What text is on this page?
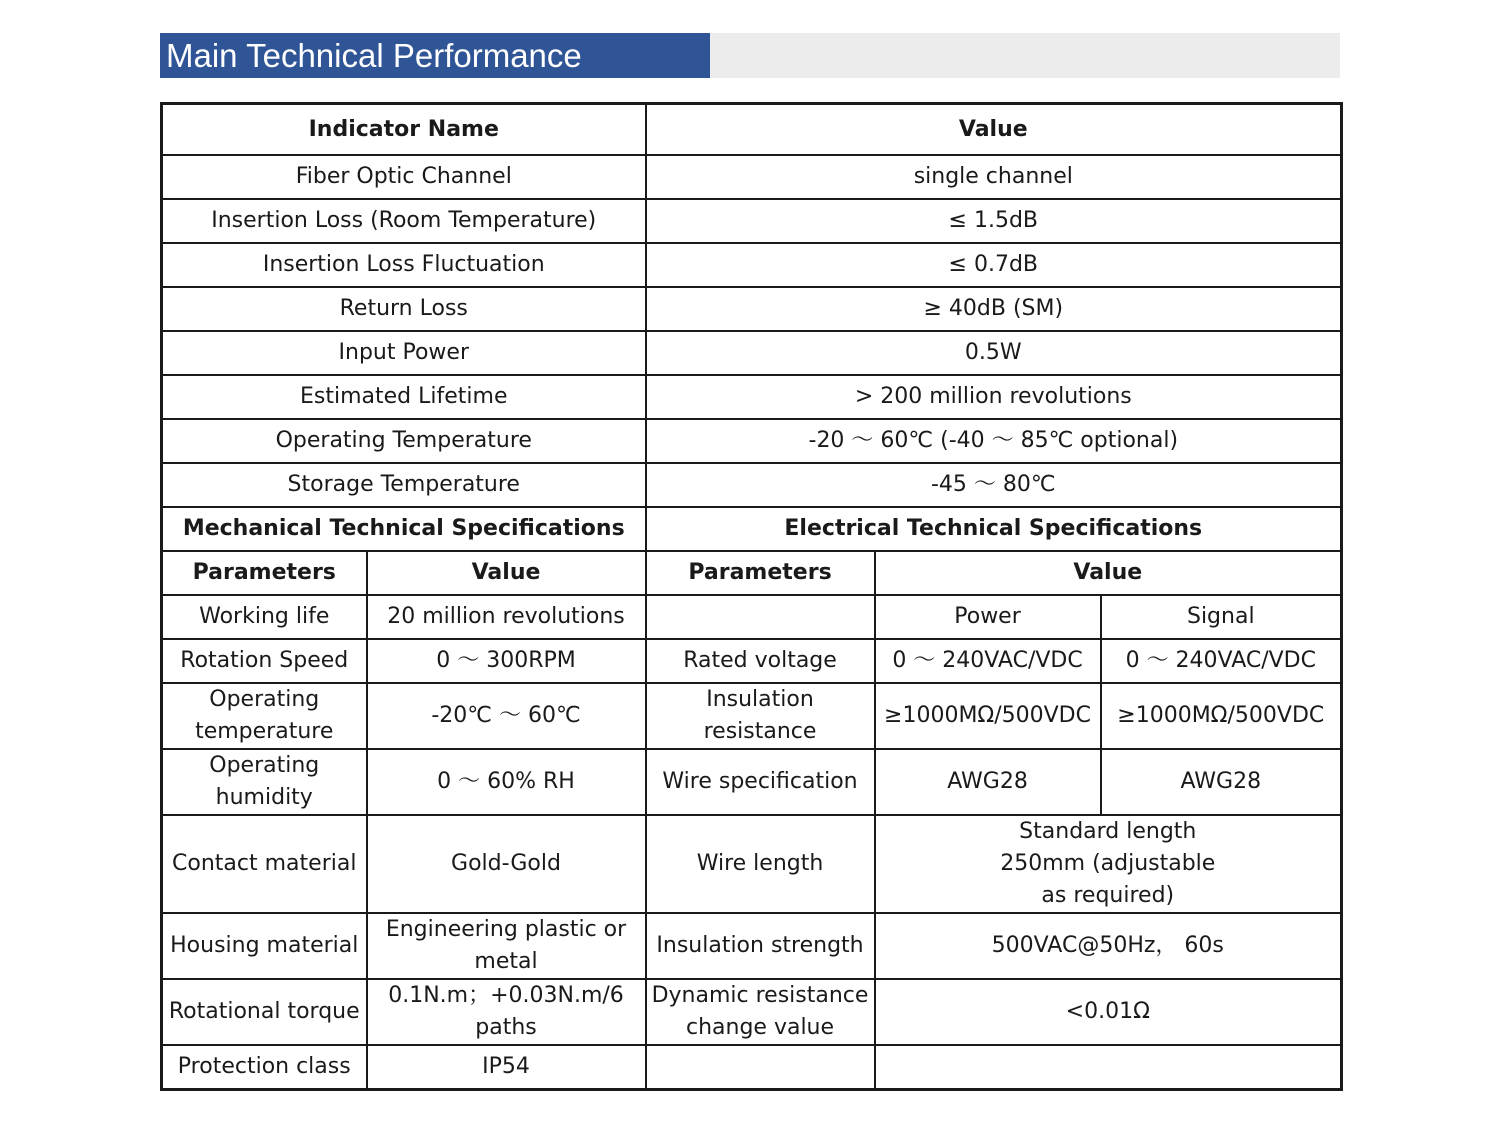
Main Technical Performance
Indicator Name		Value		
Fiber Optic Channel		single channel		
Insertion Loss (Room Temperature)		≤ 1.5dB		
Insertion Loss Fluctuation		≤ 0.7dB		
Return Loss		≥ 40dB (SM)		
Input Power		0.5W		
Estimated Lifetime		> 200 million revolutions		
Operating Temperature		-20 ～ 60℃ (-40 ～ 85℃ optional)		
Storage Temperature		-45 ～ 80℃		
Mechanical Technical Specifications		Electrical Technical Specifications		
Parameters	Value	Parameters	Value	
Working life	20 million revolutions		Power	Signal
Rotation Speed	0 ～ 300RPM	Rated voltage	0 ～ 240VAC/VDC	0 ～ 240VAC/VDC
Operating temperature	-20℃ ～ 60℃	Insulation resistance	≥1000MΩ/500VDC	≥1000MΩ/500VDC
Operating humidity	0 ～ 60% RH	Wire specification	AWG28	AWG28
Contact material	Gold-Gold	Wire length	Standard length 250mm (adjustable as required)	
Housing material	Engineering plastic or metal	Insulation strength	500VAC@50Hz， 60s	
Rotational torque	0.1N.m；+0.03N.m/6 paths	Dynamic resistance change value	<0.01Ω	
Protection class	IP54			
